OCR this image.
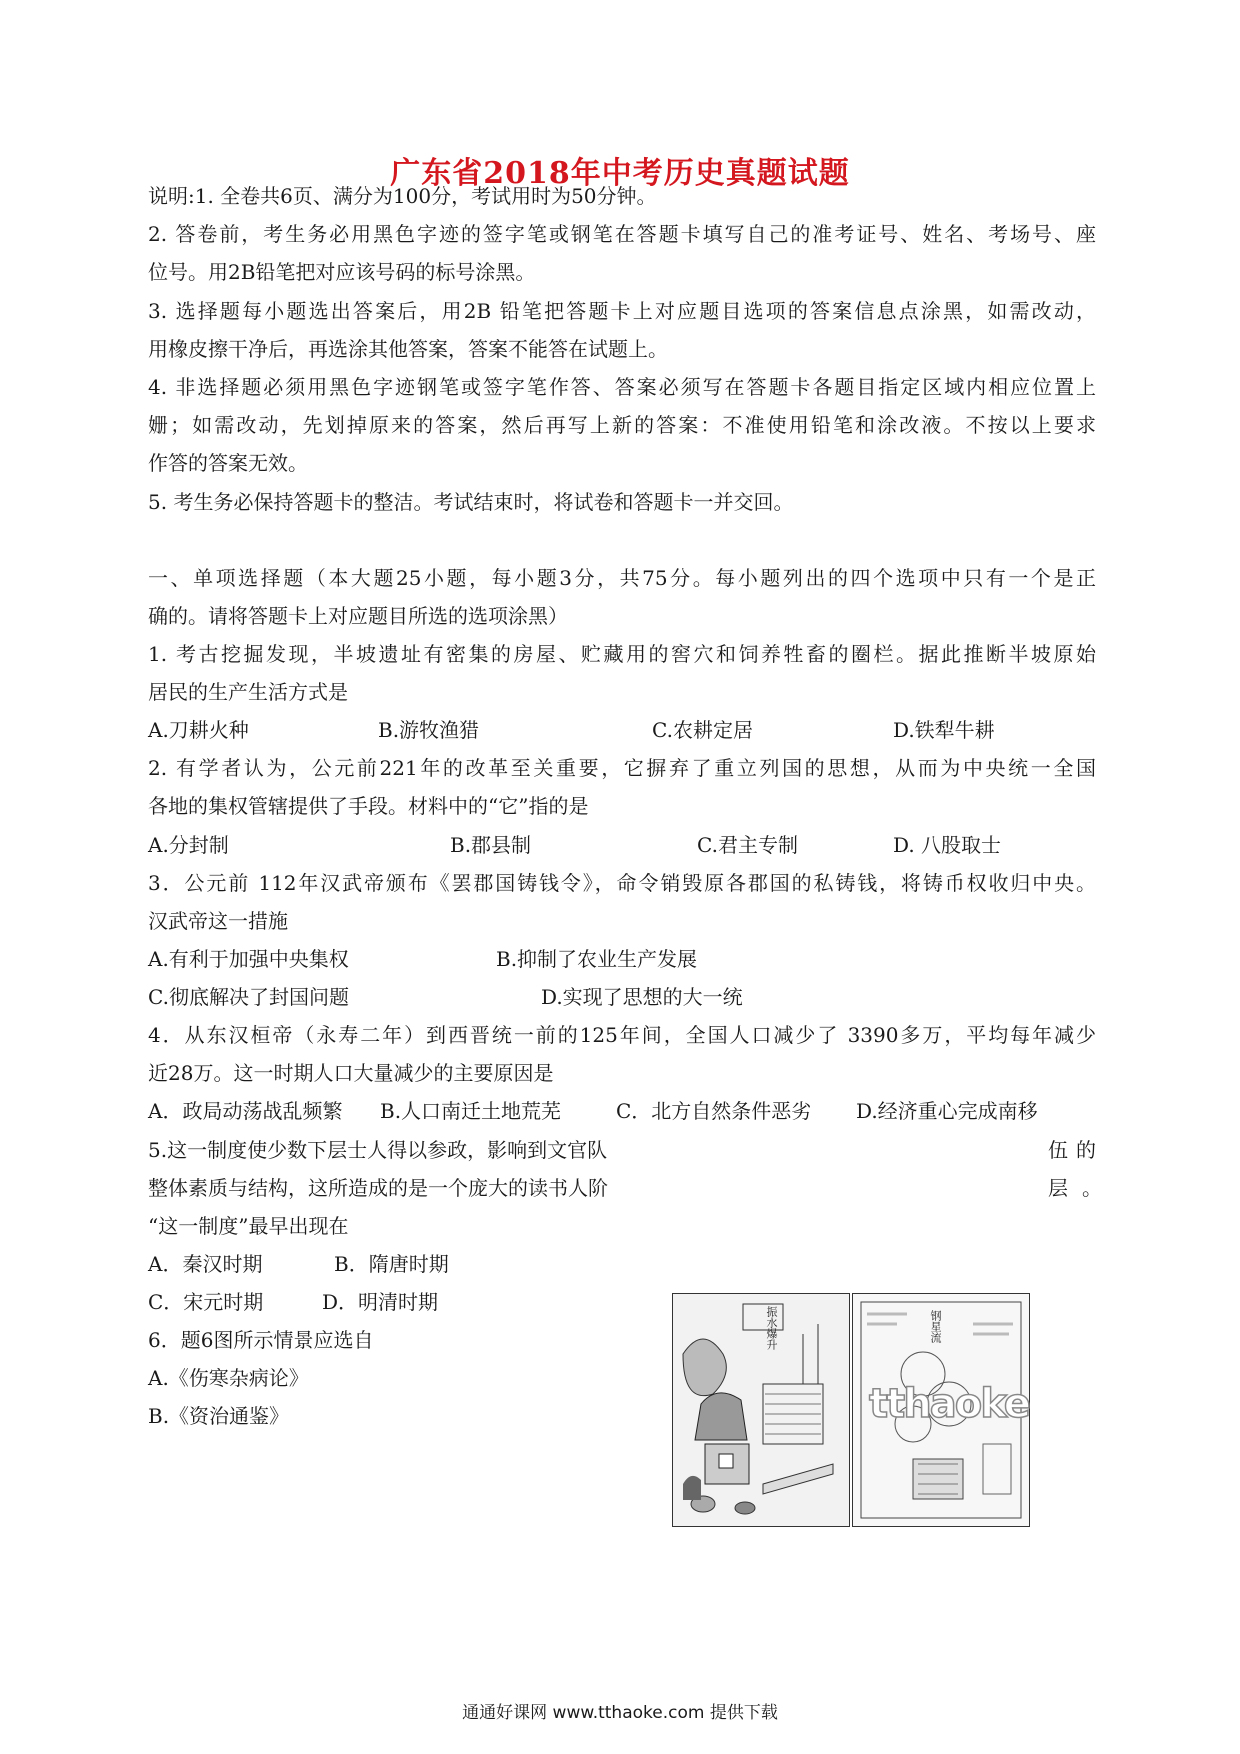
广东省2018年中考历史真题试题
说明:1. 全卷共6页、满分为100分，考试用时为50分钟。
2. 答卷前，考生务必用黑色字迹的签字笔或钢笔在答题卡填写自己的准考证号、姓名、考场号、座
位号。用2B铅笔把对应该号码的标号涂黑。
3. 选择题每小题选出答案后，用2B 铅笔把答题卡上对应题目选项的答案信息点涂黑，如需改动，
用橡皮擦干净后，再选涂其他答案，答案不能答在试题上。
4. 非选择题必须用黑色字迹钢笔或签字笔作答、答案必须写在答题卡各题目指定区域内相应位置上
姗；如需改动，先划掉原来的答案，然后再写上新的答案：不准使用铅笔和涂改液。不按以上要求
作答的答案无效。
5. 考生务必保持答题卡的整洁。考试结束时，将试卷和答题卡一并交回。
一、单项选择题（本大题25小题，每小题3分，共75分。每小题列出的四个选项中只有一个是正
确的。请将答题卡上对应题目所选的选项涂黑）
1. 考古挖掘发现，半坡遗址有密集的房屋、贮藏用的窖穴和饲养牲畜的圈栏。据此推断半坡原始
居民的生产生活方式是
A.刀耕火种	B.游牧渔猎	C.农耕定居	D.铁犁牛耕
2. 有学者认为，公元前221年的改革至关重要，它摒弃了重立列国的思想，从而为中央统一全国
各地的集权管辖提供了手段。材料中的“它”指的是
A.分封制	B.郡县制	C.君主专制	D. 八股取士
3．公元前 112年汉武帝颁布《罢郡国铸钱令》，命令销毁原各郡国的私铸钱，将铸币权收归中央。
汉武帝这一措施
A.有利于加强中央集权	B.抑制了农业生产发展
C.彻底解决了封国问题	D.实现了思想的大一统
4．从东汉桓帝（永寿二年）到西晋统一前的125年间，全国人口减少了 3390多万，平均每年减少
近28万。这一时期人口大量减少的主要原因是
A．政局动荡战乱频繁 B.人口南迁土地荒芜	C．北方自然条件恶劣 D.经济重心完成南移
5.这一制度使少数下层士人得以参政，影响到文官队	伍的
整体素质与结构，这所造成的是一个庞大的读书人阶	层。
“这一制度”最早出现在
A．秦汉时期	B．隋唐时期
C．宋元时期	D．明清时期
6．题6图所示情景应选自
A.《伤寒杂病论》
B.《资治通鉴》
振水爆升	钢星流
tthaoke
通通好课网 www.tthaoke.com 提供下载
